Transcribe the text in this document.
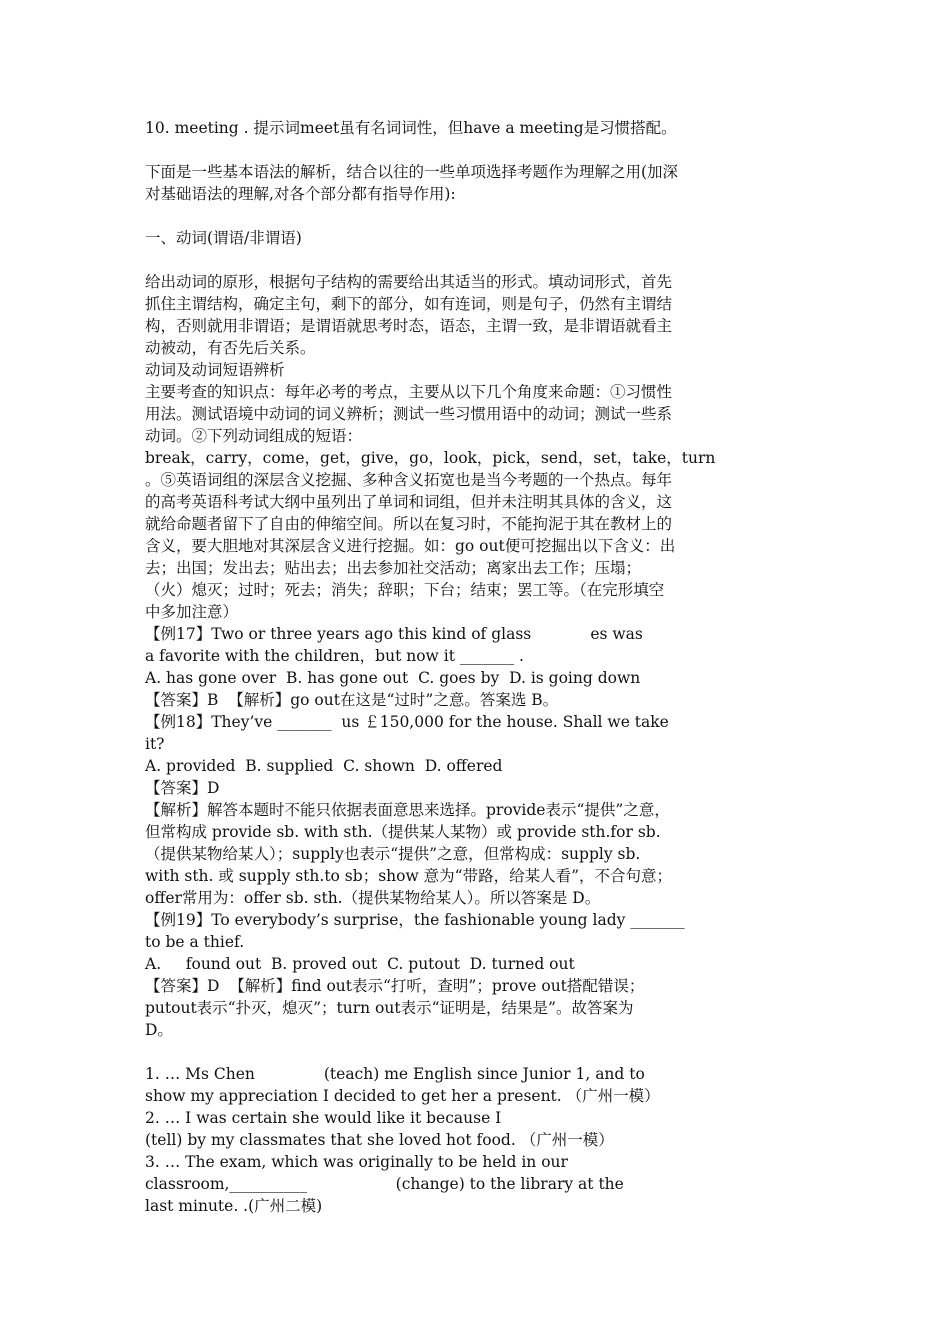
10. meeting . 提示词meet虽有名词词性，但have a meeting是习惯搭配。
下面是一些基本语法的解析，结合以往的一些单项选择考题作为理解之用(加深
对基础语法的理解,对各个部分都有指导作用):
一、动词(谓语/非谓语)
给出动词的原形，根据句子结构的需要给出其适当的形式。填动词形式，首先
抓住主谓结构，确定主句，剩下的部分，如有连词，则是句子，仍然有主谓结
构，否则就用非谓语；是谓语就思考时态，语态，主谓一致，是非谓语就看主
动被动，有否先后关系。
动词及动词短语辨析
主要考查的知识点：每年必考的考点，主要从以下几个角度来命题：①习惯性
用法。测试语境中动词的词义辨析；测试一些习惯用语中的动词；测试一些系
动词。②下列动词组成的短语：
break，carry，come，get，give，go，look，pick，send，set，take，turn
。⑤英语词组的深层含义挖掘、多种含义拓宽也是当今考题的一个热点。每年
的高考英语科考试大纲中虽列出了单词和词组，但并未注明其具体的含义，这
就给命题者留下了自由的伸缩空间。所以在复习时，不能拘泥于其在教材上的
含义，要大胆地对其深层含义进行挖掘。如：go out便可挖掘出以下含义：出
去；出国；发出去；贴出去；出去参加社交活动；离家出去工作；压塌；
（火）熄灭；过时；死去；消失；辞职；下台；结束；罢工等。（在完形填空
中多加注意）
【例17】Two or three years ago this kind of glass            es was
a favorite with the children，but now it _______ .
A. has gone over  B. has gone out  C. goes by  D. is going down
【答案】B  【解析】go out在这是“过时”之意。答案选 B。
【例18】They’ve _______  us ￡150,000 for the house. Shall we take
it?
A. provided  B. supplied  C. shown  D. offered
【答案】D
【解析】解答本题时不能只依据表面意思来选择。provide表示“提供”之意，
但常构成 provide sb. with sth.（提供某人某物）或 provide sth.for sb.
（提供某物给某人）；supply也表示“提供”之意，但常构成：supply sb.
with sth. 或 supply sth.to sb；show 意为“带路，给某人看”，不合句意；
offer常用为：offer sb. sth.（提供某物给某人）。所以答案是 D。
【例19】To everybody’s surprise，the fashionable young lady _______
to be a thief.
A.     found out  B. proved out  C. putout  D. turned out
【答案】D  【解析】find out表示“打听，查明”；prove out搭配错误；
putout表示“扑灭，熄灭”；turn out表示“证明是，结果是”。故答案为
D。
1. … Ms Chen              (teach) me English since Junior 1, and to
show my appreciation I decided to get her a present. （广州一模）
2. … I was certain she would like it because I
(tell) by my classmates that she loved hot food. （广州一模）
3. … The exam, which was originally to be held in our
classroom,__________                  (change) to the library at the
last minute. .(广州二模)
